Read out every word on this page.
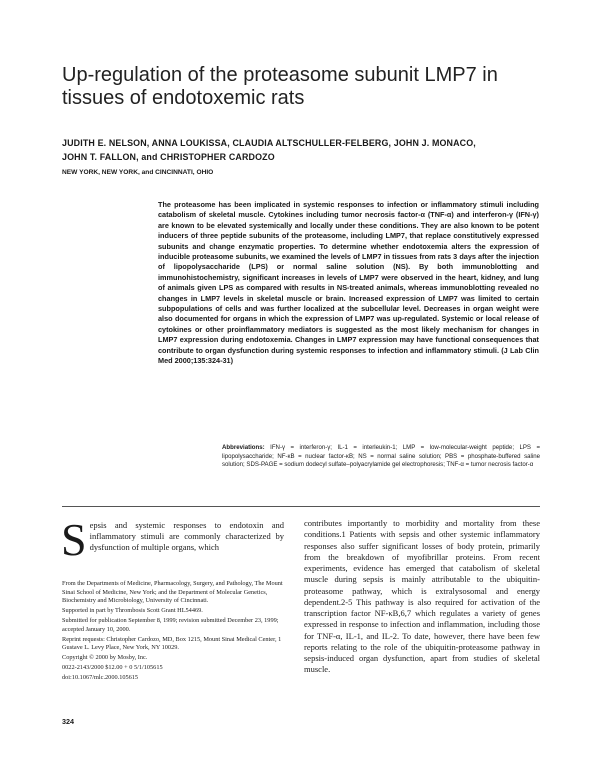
Up-regulation of the proteasome subunit LMP7 in tissues of endotoxemic rats
JUDITH E. NELSON, ANNA LOUKISSA, CLAUDIA ALTSCHULLER-FELBERG, JOHN J. MONACO,
JOHN T. FALLON, and CHRISTOPHER CARDOZO

NEW YORK, NEW YORK, and CINCINNATI, OHIO

The proteasome has been implicated in systemic responses to infection or inflammatory stimuli including catabolism of skeletal muscle. Cytokines including tumor necrosis factor-α (TNF-α) and interferon-γ (IFN-γ) are known to be elevated systemically and locally under these conditions. They are also known to be potent inducers of three peptide subunits of the proteasome, including LMP7, that replace constitutively expressed subunits and change enzymatic properties. To determine whether endotoxemia alters the expression of inducible proteasome subunits, we examined the levels of LMP7 in tissues from rats 3 days after the injection of lipopolysaccharide (LPS) or normal saline solution (NS). By both immunoblotting and immunohistochemistry, significant increases in levels of LMP7 were observed in the heart, kidney, and lung of animals given LPS as compared with results in NS-treated animals, whereas immunoblotting revealed no changes in LMP7 levels in skeletal muscle or brain. Increased expression of LMP7 was limited to certain subpopulations of cells and was further localized at the subcellular level. Decreases in organ weight were also documented for organs in which the expression of LMP7 was up-regulated. Systemic or local release of cytokines or other proinflammatory mediators is suggested as the most likely mechanism for changes in LMP7 expression during endotoxemia. Changes in LMP7 expression may have functional consequences that contribute to organ dysfunction during systemic responses to infection and inflammatory stimuli. (J Lab Clin Med 2000;135:324-31)

Abbreviations: IFN-γ = interferon-γ; IL-1 = interleukin-1; LMP = low-molecular-weight peptide; LPS = lipopolysaccharide; NF-κB = nuclear factor-κB; NS = normal saline solution; PBS = phosphate-buffered saline solution; SDS-PAGE = sodium dodecyl sulfate–polyacrylamide gel electrophoresis; TNF-α = tumor necrosis factor-α

Sepsis and systemic responses to endotoxin and inflammatory stimuli are commonly characterized by dysfunction of multiple organs, which

From the Departments of Medicine, Pharmacology, Surgery, and Pathology, The Mount Sinai School of Medicine, New York; and the Department of Molecular Genetics, Biochemistry and Microbiology, University of Cincinnati.

Supported in part by Thrombosis Scott Grant HL54469.

Submitted for publication September 8, 1999; revision submitted December 23, 1999; accepted January 10, 2000.

Reprint requests: Christopher Cardozo, MD, Box 1215, Mount Sinai Medical Center, 1 Gustave L. Levy Place, New York, NY 10029.

Copyright © 2000 by Mosby, Inc.

0022-2143/2000 $12.00 + 0 5/1/105615

doi:10.1067/mlc.2000.105615

contributes importantly to morbidity and mortality from these conditions.1 Patients with sepsis and other systemic inflammatory responses also suffer significant losses of body protein, primarily from the breakdown of myofibrillar proteins. From recent experiments, evidence has emerged that catabolism of skeletal muscle during sepsis is mainly attributable to the ubiquitin-proteasome pathway, which is extralysosomal and energy dependent.2-5 This pathway is also required for activation of the transcription factor NF-κB,6,7 which regulates a variety of genes expressed in response to infection and inflammation, including those for TNF-α, IL-1, and IL-2. To date, however, there have been few reports relating to the role of the ubiquitin-proteasome pathway in sepsis-induced organ dysfunction, apart from studies of skeletal muscle.

324
